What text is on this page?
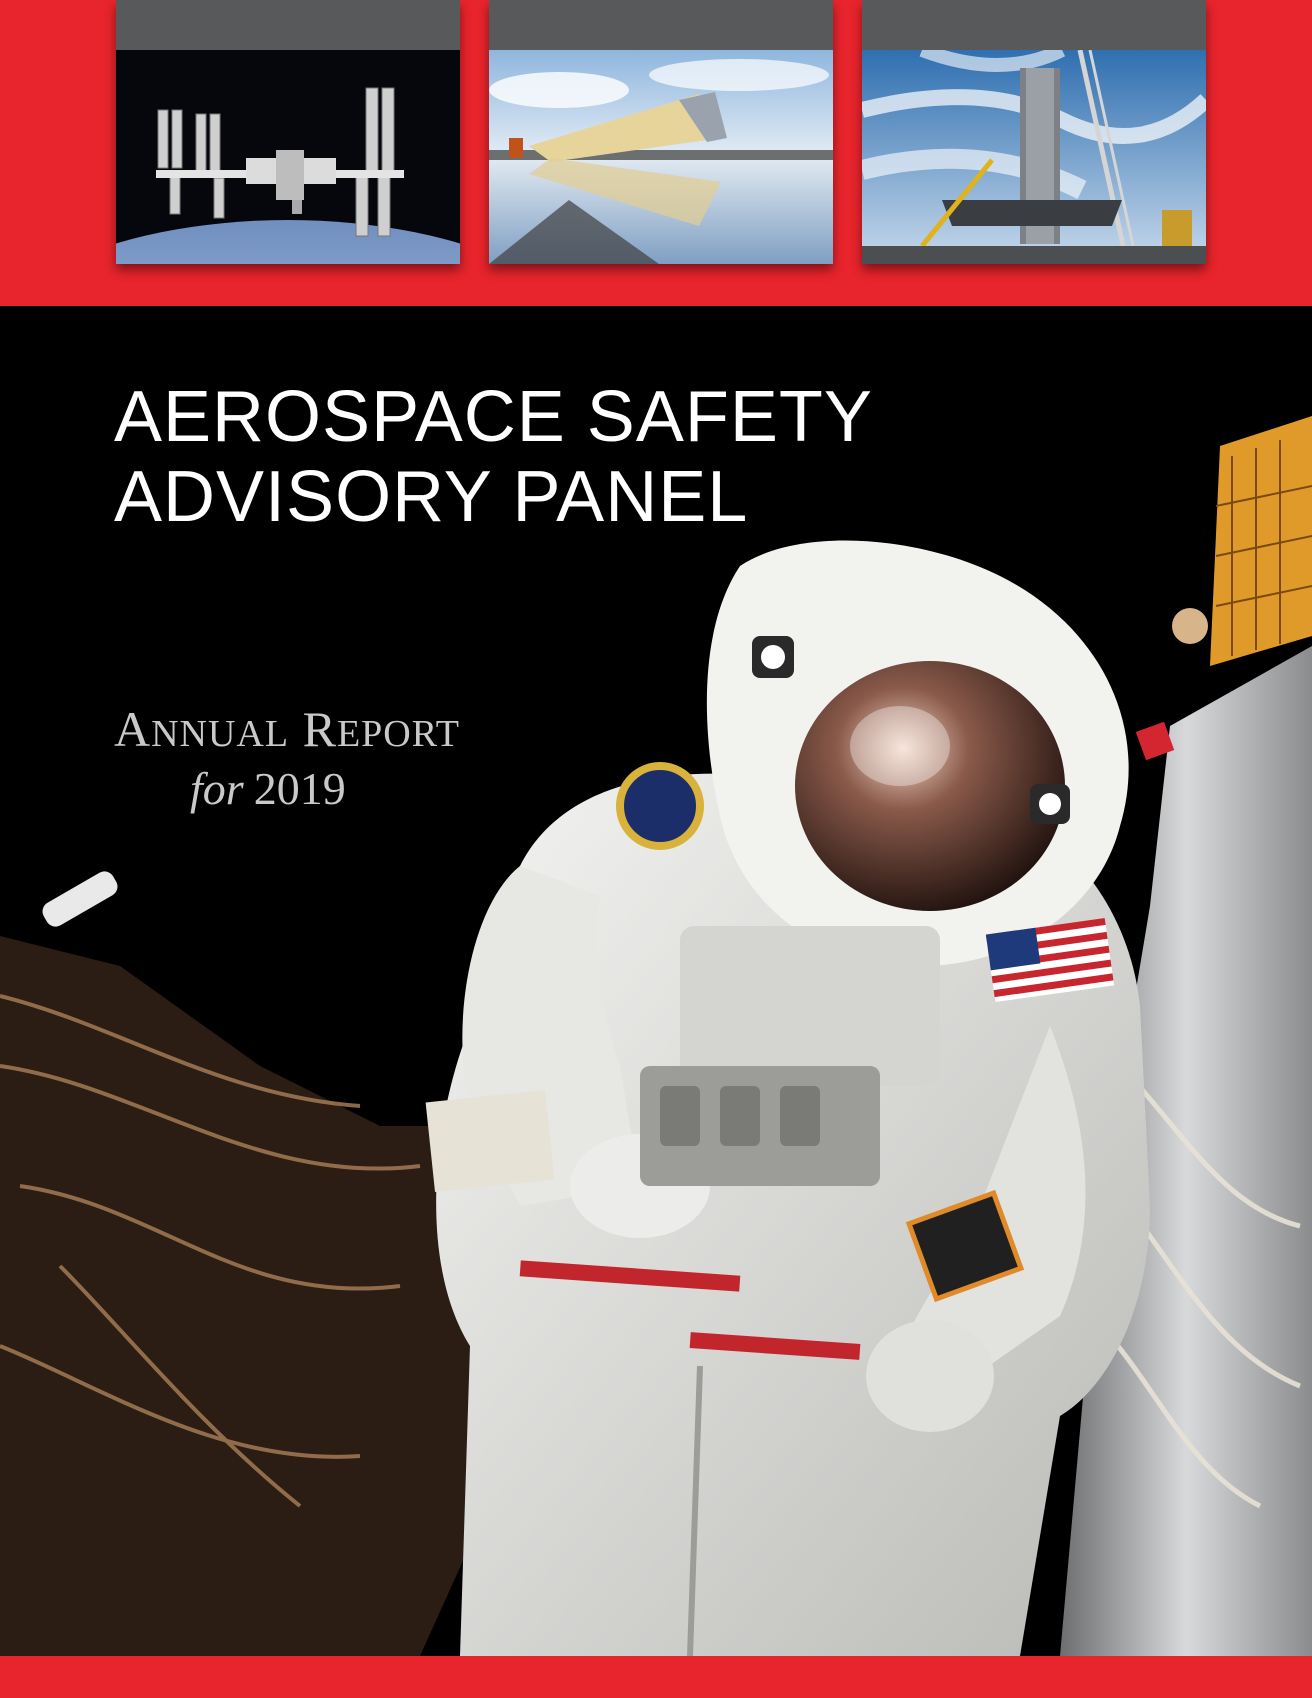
AEROSPACE SAFETY
ADVISORY PANEL
ANNUAL REPORT
for 2019
